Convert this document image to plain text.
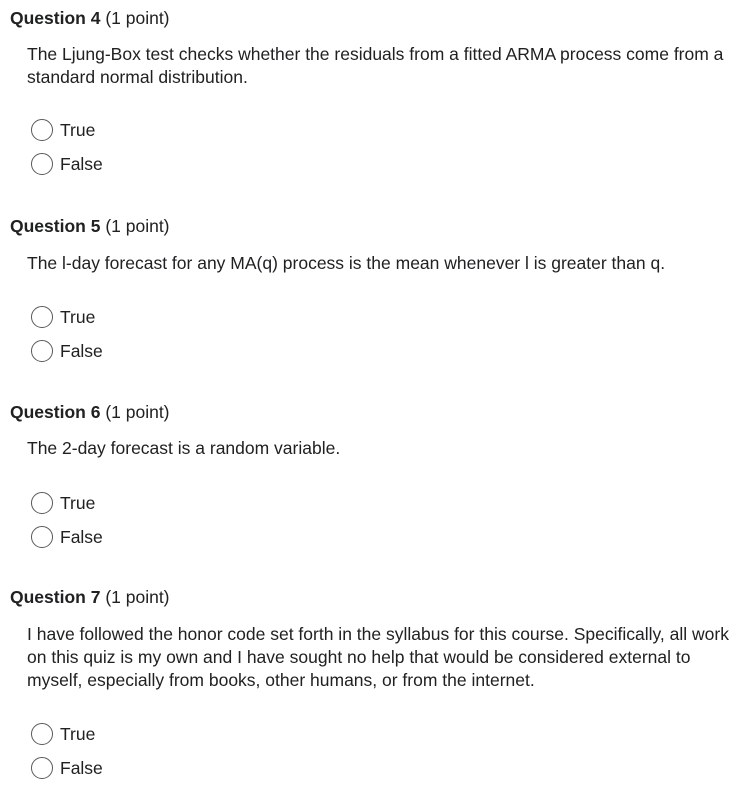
Question 4 (1 point)
The Ljung-Box test checks whether the residuals from a fitted ARMA process come from a standard normal distribution.
True
False
Question 5 (1 point)
The l-day forecast for any MA(q) process is the mean whenever l is greater than q.
True
False
Question 6 (1 point)
The 2-day forecast is a random variable.
True
False
Question 7 (1 point)
I have followed the honor code set forth in the syllabus for this course. Specifically, all work on this quiz is my own and I have sought no help that would be considered external to myself, especially from books, other humans, or from the internet.
True
False
